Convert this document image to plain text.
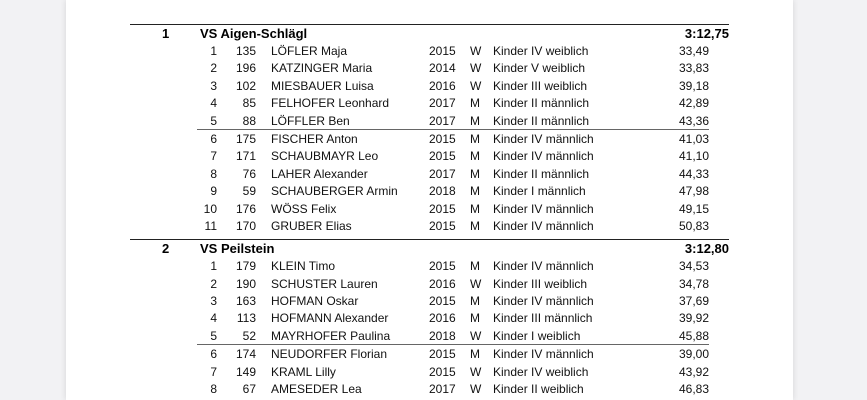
1 VS Aigen-Schlägl	3:12,75
1	135 LÖFLER Maja	2015 W Kinder IV weiblich	33,49
2	196 KATZINGER Maria	2014 W Kinder V weiblich	33,83
3	102 MIESBAUER Luisa	2016 W Kinder III weiblich	39,18
4	85 FELHOFER Leonhard	2017 M Kinder II männlich	42,89
5	88 LÖFFLER Ben	2017 M Kinder II männlich	43,36
6	175 FISCHER Anton	2015 M Kinder IV männlich	41,03
7	171 SCHAUBMAYR Leo	2015 M Kinder IV männlich	41,10
8	76 LAHER Alexander	2017 M Kinder II männlich	44,33
9	59 SCHAUBERGER Armin	2018 M Kinder I männlich	47,98
10	176 WÖSS Felix	2015 M Kinder IV männlich	49,15
11	170 GRUBER Elias	2015 M Kinder IV männlich	50,83
2 VS Peilstein	3:12,80
1	179 KLEIN Timo	2015 M Kinder IV männlich	34,53
2	190 SCHUSTER Lauren	2016 W Kinder III weiblich	34,78
3	163 HOFMAN Oskar	2015 M Kinder IV männlich	37,69
4	113 HOFMANN Alexander	2016 M Kinder III männlich	39,92
5	52 MAYRHOFER Paulina	2018 W Kinder I weiblich	45,88
6	174 NEUDORFER Florian	2015 M Kinder IV männlich	39,00
7	149 KRAML Lilly	2015 W Kinder IV weiblich	43,92
8	67 AMESEDER Lea	2017 W Kinder II weiblich	46,83
